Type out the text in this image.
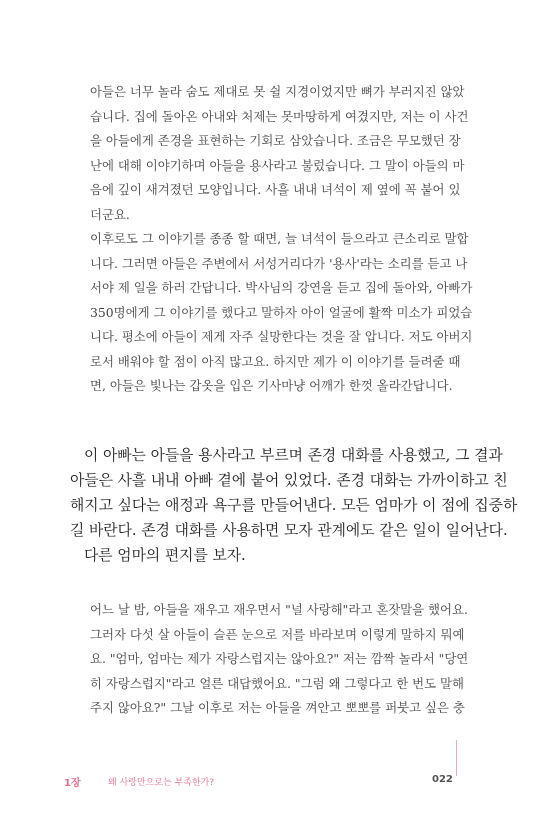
아들은 너무 놀라 숨도 제대로 못 쉴 지경이었지만 뼈가 부러지진 않았
습니다. 집에 돌아온 아내와 처제는 못마땅하게 여겼지만, 저는 이 사건
을 아들에게 존경을 표현하는 기회로 삼았습니다. 조금은 무모했던 장
난에 대해 이야기하며 아들을 용사라고 불렀습니다. 그 말이 아들의 마
음에 깊이 새겨졌던 모양입니다. 사흘 내내 녀석이 제 옆에 꼭 붙어 있
더군요.
이후로도 그 이야기를 종종 할 때면, 늘 녀석이 들으라고 큰소리로 말합
니다. 그러면 아들은 주변에서 서성거리다가 '용사'라는 소리를 듣고 나
서야 제 일을 하러 간답니다. 박사님의 강연을 듣고 집에 돌아와, 아빠가
350명에게 그 이야기를 했다고 말하자 아이 얼굴에 활짝 미소가 피었습
니다. 평소에 아들이 제게 자주 실망한다는 것을 잘 압니다. 저도 아버지
로서 배워야 할 점이 아직 많고요. 하지만 제가 이 이야기를 들려줄 때
면, 아들은 빛나는 갑옷을 입은 기사마냥 어깨가 한껏 올라간답니다.
이 아빠는 아들을 용사라고 부르며 존경 대화를 사용했고, 그 결과
아들은 사흘 내내 아빠 곁에 붙어 있었다. 존경 대화는 가까이하고 친
해지고 싶다는 애정과 욕구를 만들어낸다. 모든 엄마가 이 점에 집중하
길 바란다. 존경 대화를 사용하면 모자 관계에도 같은 일이 일어난다.
다른 엄마의 편지를 보자.
어느 날 밤, 아들을 재우고 재우면서 "널 사랑해"라고 혼잣말을 했어요.
그러자 다섯 살 아들이 슬픈 눈으로 저를 바라보며 이렇게 말하지 뭐예
요. "엄마, 엄마는 제가 자랑스럽지는 않아요?" 저는 깜짝 놀라서 "당연
히 자랑스럽지"라고 얼른 대답했어요. "그럼 왜 그렇다고 한 번도 말해
주지 않아요?" 그날 이후로 저는 아들을 껴안고 뽀뽀를 퍼붓고 싶은 충
1장	왜 사랑만으로는 부족한가?	022
